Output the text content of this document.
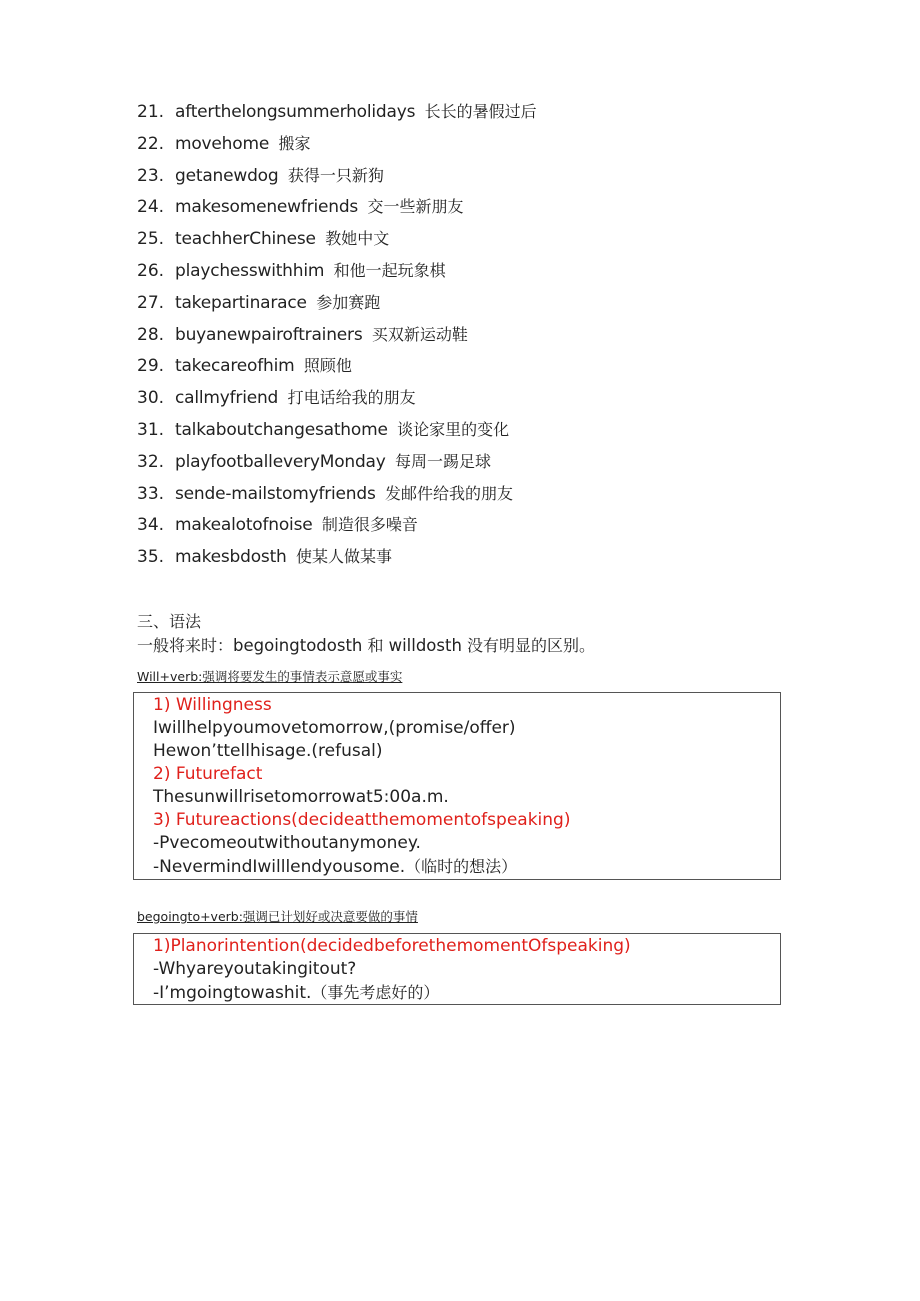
21. afterthelongsummerholidays 长长的暑假过后
22. movehome 搬家
23. getanewdog 获得一只新狗
24. makesomenewfriends 交一些新朋友
25. teachherChinese 教她中文
26. playchesswithhim 和他一起玩象棋
27. takepartinarace 参加赛跑
28. buyanewpairoftrainers 买双新运动鞋
29. takecareofhim 照顾他
30. callmyfriend 打电话给我的朋友
31. talkaboutchangesathome 谈论家里的变化
32. playfootballeveryMonday 每周一踢足球
33. sende-mailstomyfriends 发邮件给我的朋友
34. makealotofnoise 制造很多噪音
35. makesbdosth 使某人做某事
三、语法
一般将来时：begoingtodosth 和 willdosth 没有明显的区别。
Will+verb:强调将要发生的事情表示意愿或事实
1) Willingness
Iwillhelpyoumovetomorrow,(promise/offer)
Hewon’ttellhisage.(refusal)
2) Futurefact
Thesunwillrisetomorrowat5:00a.m.
3) Futureactions(decideatthemomentofspeaking)
-Pvecomeoutwithoutanymoney.
-NevermindIwilllendyousome.（临时的想法）
begoingto+verb:强调已计划好或决意要做的事情
1)Planorintention(decidedbeforethemomentOfspeaking)
-Whyareyoutakingitout?
-I’mgoingtowashit.（事先考虑好的）
